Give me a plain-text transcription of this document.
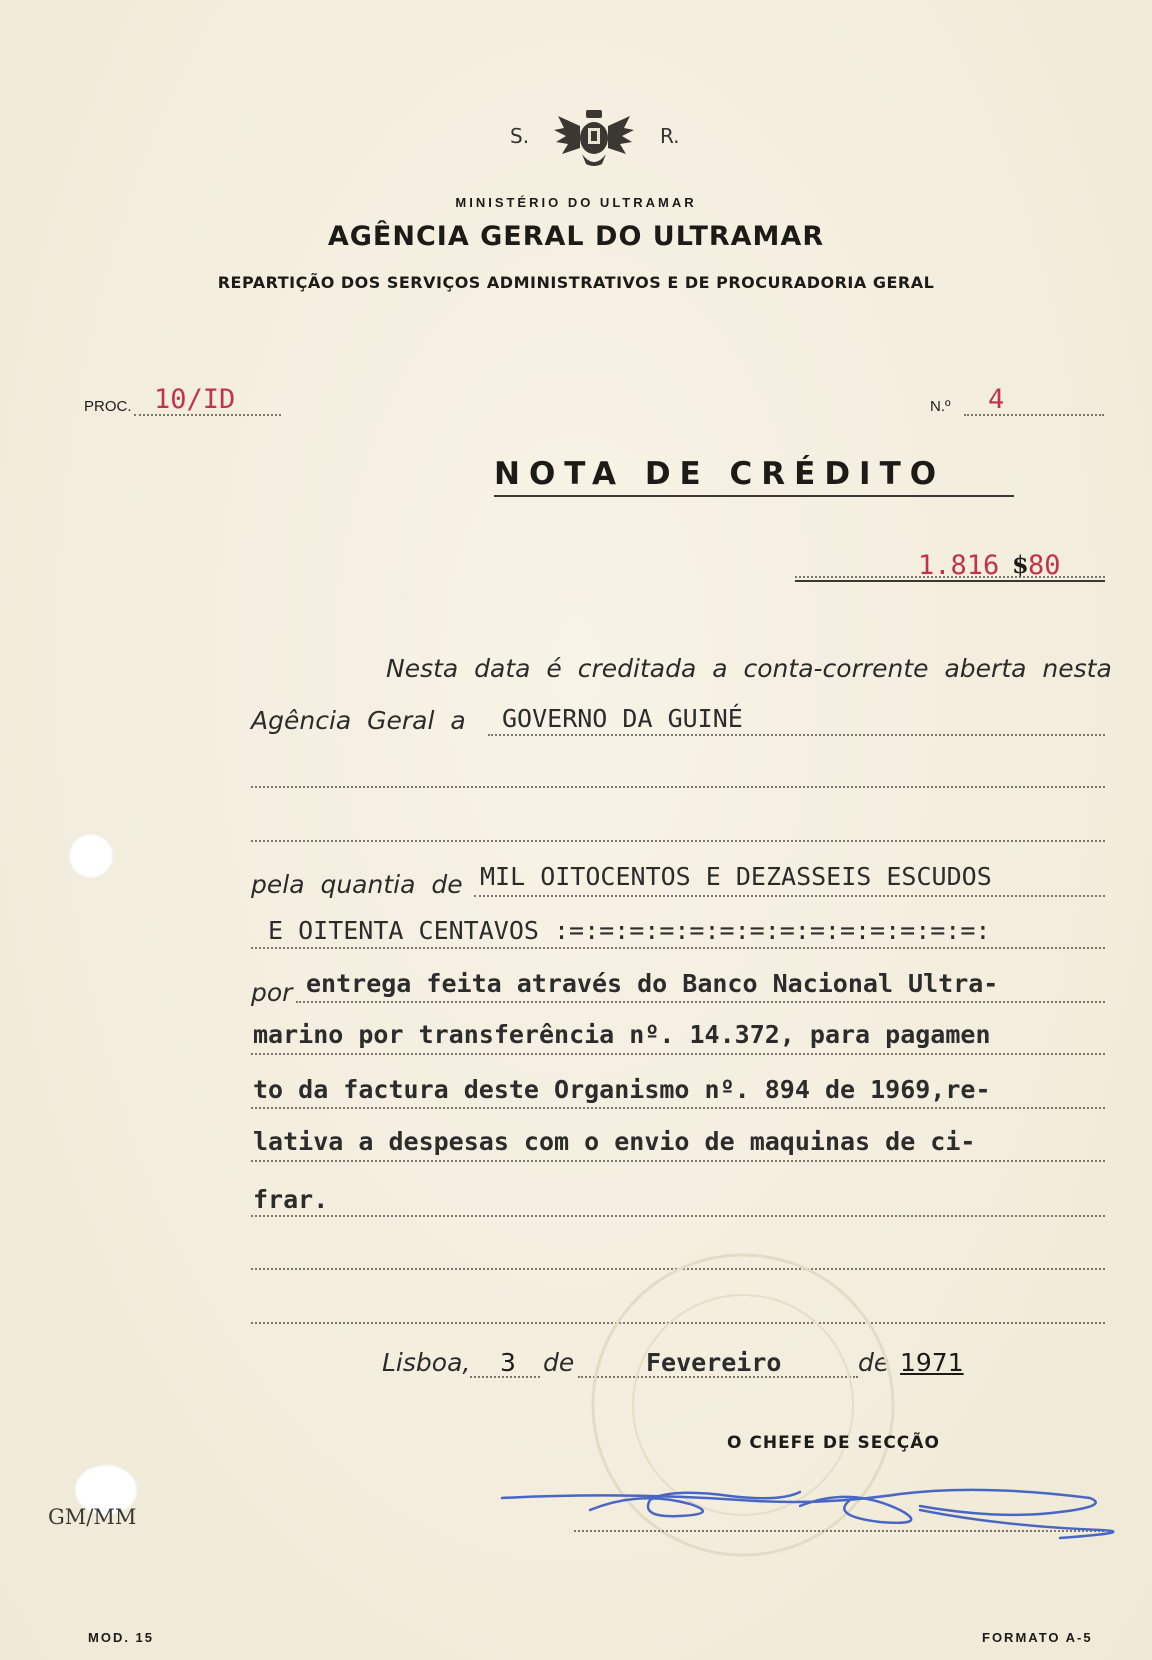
S.	R.
MINISTÉRIO DO ULTRAMAR
AGÊNCIA GERAL DO ULTRAMAR
REPARTIÇÃO DOS SERVIÇOS ADMINISTRATIVOS E DE PROCURADORIA GERAL
PROC. 10/ID	N.º 4
NOTA DE CRÉDITO
1.816 $ 80
Nesta data é creditada a conta-corrente aberta nesta
Agência Geral a GOVERNO DA GUINÉ
pela quantia de MIL OITOCENTOS E DEZASSEIS ESCUDOS
E OITENTA CENTAVOS :=:=:=:=:=:=:=:=:=:=:=:=:=:=:
por entrega feita através do Banco Nacional Ultra-
marino por transferência nº. 14.372, para pagamen
to da factura deste Organismo nº. 894 de 1969,re-
lativa a despesas com o envio de maquinas de ci-
frar.
Lisboa, 3 de	Fevereiro	de 1971
O CHEFE DE SECÇÃO
GM/MM
MOD. 15	FORMATO A-5
